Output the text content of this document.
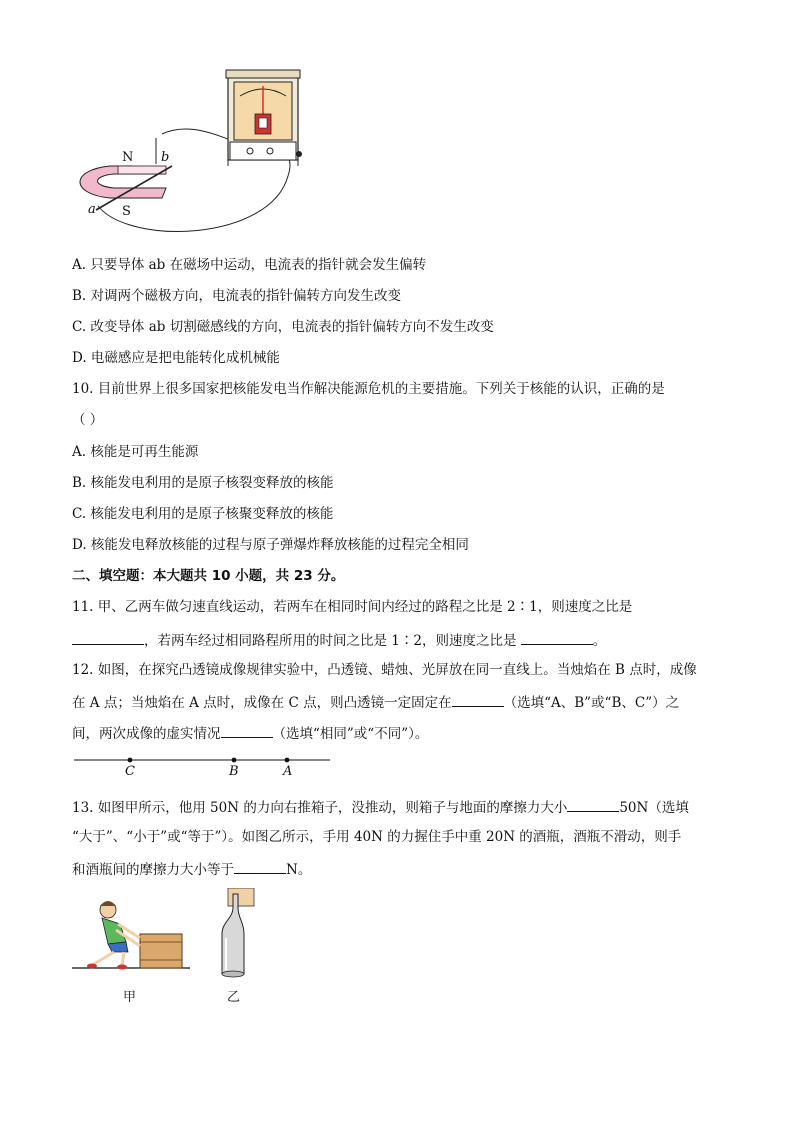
N
S
a
b
A. 只要导体 ab 在磁场中运动，电流表的指针就会发生偏转
B. 对调两个磁极方向，电流表的指针偏转方向发生改变
C. 改变导体 ab 切割磁感线的方向，电流表的指针偏转方向不发生改变
D. 电磁感应是把电能转化成机械能
10. 目前世界上很多国家把核能发电当作解决能源危机的主要措施。下列关于核能的认识，正确的是
（ ）
A. 核能是可再生能源
B. 核能发电利用的是原子核裂变释放的核能
C. 核能发电利用的是原子核聚变释放的核能
D. 核能发电释放核能的过程与原子弹爆炸释放核能的过程完全相同
二、填空题：本大题共 10 小题，共 23 分。
11. 甲、乙两车做匀速直线运动，若两车在相同时间内经过的路程之比是 2∶1，则速度之比是
，若两车经过相同路程所用的时间之比是 1∶2，则速度之比是	。
12. 如图，在探究凸透镜成像规律实验中，凸透镜、蜡烛、光屏放在同一直线上。当烛焰在 B 点时，成像
在 A 点；当烛焰在 A 点时，成像在 C 点，则凸透镜一定固定在	（选填“A、B”或“B、C”）之
间，两次成像的虚实情况	（选填“相同”或“不同”）。
C	B	A
13. 如图甲所示，他用 50N 的力向右推箱子，没推动，则箱子与地面的摩擦力大小	50N（选填
“大于”、“小于”或“等于”）。如图乙所示，手用 40N 的力握住手中重 20N 的酒瓶，酒瓶不滑动，则手
和酒瓶间的摩擦力大小等于	N。
甲	乙
